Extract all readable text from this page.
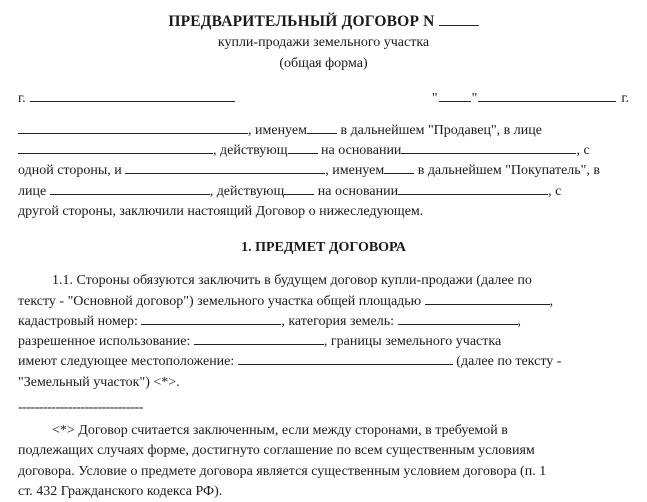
ПРЕДВАРИТЕЛЬНЫЙ ДОГОВОР N
купли-продажи земельного участка
(общая форма)
г.	" "	г.

, именуем в дальнейшем "Продавец", в лице

, действующ на основании	, с

одной стороны, и	, именуем в дальнейшем "Покупатель", в

лице	, действующ на основании	, с

другой стороны, заключили настоящий Договор о нижеследующем.

1. ПРЕДМЕТ ДОГОВОРА

1.1. Стороны обязуются заключить в будущем договор купли-продажи (далее по

тексту - "Основной договор") земельного участка общей площадью	,

кадастровый номер:	, категория земель:	,

разрешенное использование:	, границы земельного участка

имеют следующее местоположение:	(далее по тексту -

"Земельный участок") <*>.

------------------------------

<*> Договор считается заключенным, если между сторонами, в требуемой в

подлежащих случаях форме, достигнуто соглашение по всем существенным условиям

договора. Условие о предмете договора является существенным условием договора (п. 1

ст. 432 Гражданского кодекса РФ).
